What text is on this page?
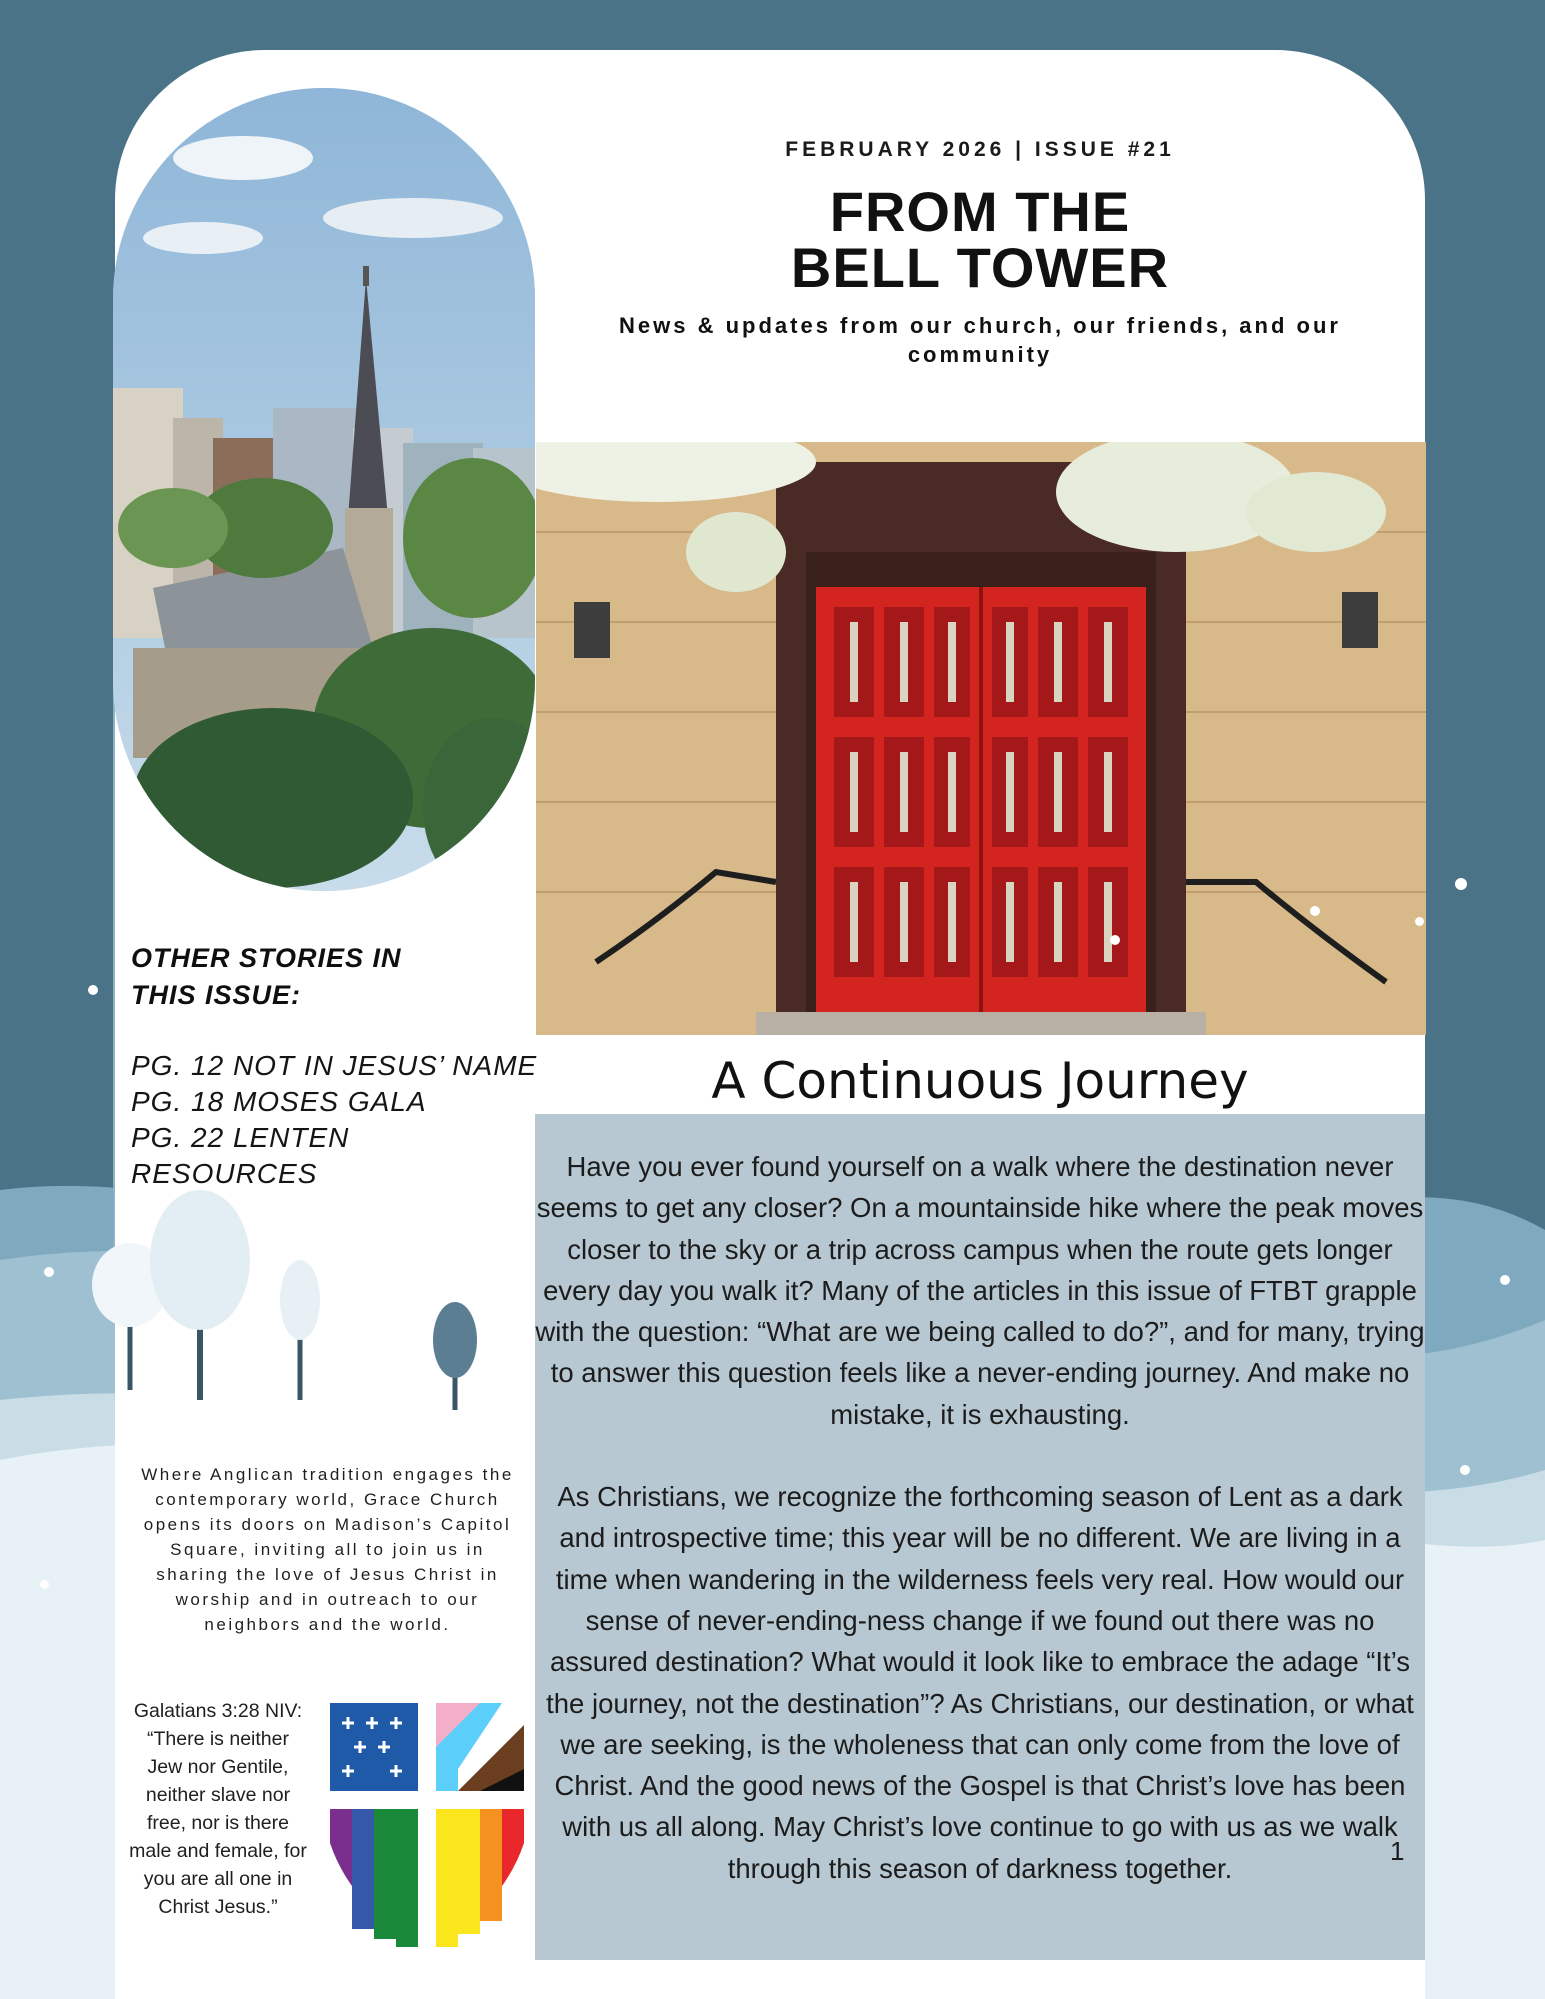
FEBRUARY 2026 | ISSUE #21
FROM THE
BELL TOWER
News & updates from our church, our friends, and our community
A Continuous Journey

Have you ever found yourself on a walk where the destination never seems to get any closer? On a mountainside hike where the peak moves closer to the sky or a trip across campus when the route gets longer every day you walk it? Many of the articles in this issue of FTBT grapple with the question: “What are we being called to do?”, and for many, trying to answer this question feels like a never-ending journey. And make no mistake, it is exhausting.

As Christians, we recognize the forthcoming season of Lent as a dark and introspective time; this year will be no different. We are living in a time when wandering in the wilderness feels very real. How would our sense of never-ending-ness change if we found out there was no assured destination? What would it look like to embrace the adage “It’s the journey, not the destination”? As Christians, our destination, or what we are seeking, is the wholeness that can only come from the love of Christ. And the good news of the Gospel is that Christ’s love has been with us all along. May Christ’s love continue to go with us as we walk through this season of darkness together.

1
OTHER STORIES IN
THIS ISSUE:
PG. 12 NOT IN JESUS’ NAME
PG. 18 MOSES GALA
PG. 22 LENTEN
RESOURCES
Where Anglican tradition engages the contemporary world, Grace Church opens its doors on Madison’s Capitol Square, inviting all to join us in sharing the love of Jesus Christ in worship and in outreach to our neighbors and the world.
Galatians 3:28 NIV: “There is neither Jew nor Gentile, neither slave nor free, nor is there male and female, for you are all one in Christ Jesus.”
